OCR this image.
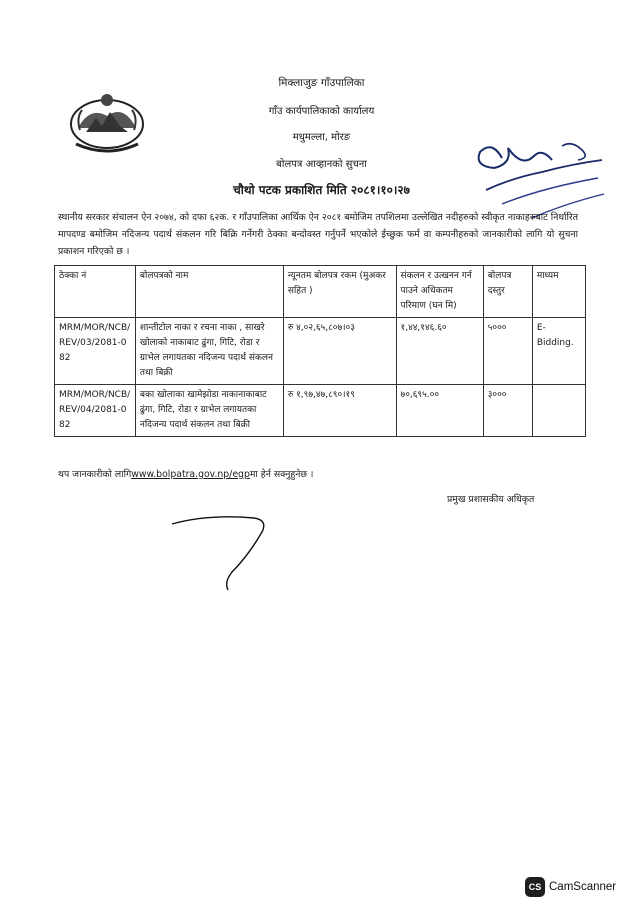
मिक्लाजुङ गाँउपालिका
गाँउ कार्यपालिकाको कार्यालय
मधुमल्ला, मोरङ
बोलपत्र आव्हानको सुचना
चौथो पटक प्रकाशित मिति २०८१।१०।२७
स्थानीय सरकार संचालन ऐन २०७४, को दफा ६२क. र गाँउपालिका आर्थिक ऐन २०८१ बमोजिम तपशिलमा उल्लेखित नदीहरुको स्वीकृत नाकाहरुबाट निर्धारित मापदण्ड बमोजिम नदिजन्य पदार्थ संकलन गरि बिक्रि गर्नेगरी ठेक्का बन्दोवस्त गर्नुपर्ने भएकोले ईच्छुक फर्म वा कम्पनीहरुको जानकारीको लागि यो सुचना प्रकाशन गरिएको छ ।
ठेक्का नं	बोलपत्रको नाम	न्यूनतम बोलपत्र रकम (मुअकर सहित )	संकलन र उत्खनन गर्न पाउने अधिकतम परिमाण (घन मि)	बोलपत्र दस्तुर	माध्यम
MRM/MOR/NCB/REV/03/2081-082	शान्तीटोल नाका र रचना नाका , साखरे खोलाको नाकाबाट ढुंगा, गिटि, रोडा र ग्राभेल लगायतका नदिजन्य पदार्थ संकलन तथा बिक्री	रु ४,०२,६५,८०७।०३	१,४४,१४६.६०	५०००	E-Bidding.
MRM/MOR/NCB/REV/04/2081-082	बका खोलाका खामेझोडा नाकानाकाबाट ढुंगा, गिटि, रोडा र ग्राभेल लगायतका नदिजन्य पदार्थ संकलन तथा बिक्री	रु १,९७,४७,८९०।१९	७०,६९५.००	३०००	
थप जानकारीको लागिwww.bolpatra.gov.np/egpमा हेर्न सक्नुहुनेछ ।
प्रमुख प्रशासकीय अधिकृत
CS CamScanner
